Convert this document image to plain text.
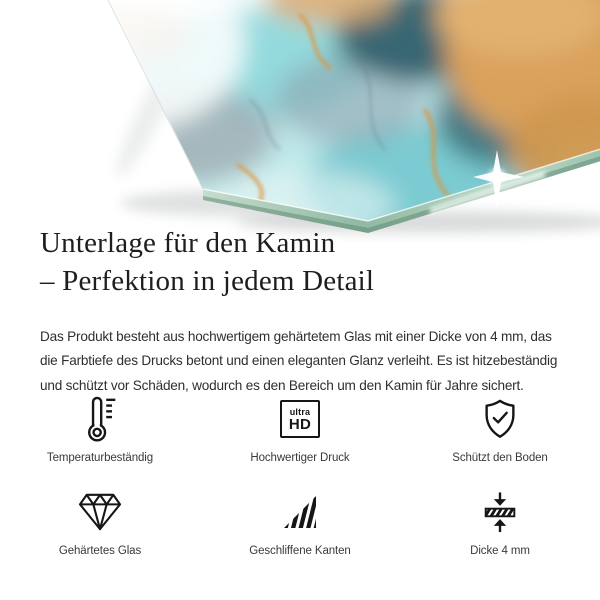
Unterlage für den Kamin
– Perfektion in jedem Detail

Das Produkt besteht aus hochwertigem gehärtetem Glas mit einer Dicke von 4 mm, das die Farbtiefe des Drucks betont und einen eleganten Glanz verleiht. Es ist hitzebeständig und schützt vor Schäden, wodurch es den Bereich um den Kamin für Jahre sichert.

Temperaturbeständig
ultra
HD
Hochwertiger Druck	Schützt den Boden
Gehärtetes Glas	Geschliffene Kanten	Dicke 4 mm
